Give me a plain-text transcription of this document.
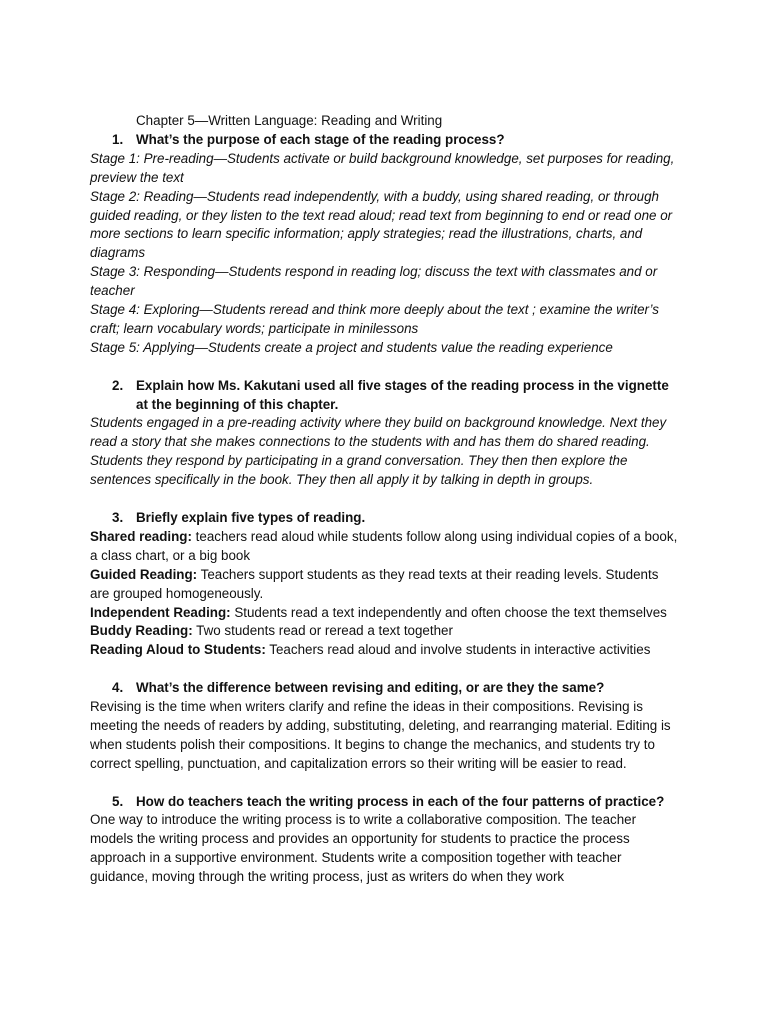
Chapter 5—Written Language: Reading and Writing
1. What’s the purpose of each stage of the reading process?

Stage 1: Pre-reading—Students activate or build background knowledge, set purposes for reading, preview the text

Stage 2: Reading—Students read independently, with a buddy, using shared reading, or through guided reading, or they listen to the text read aloud; read text from beginning to end or read one or more sections to learn specific information; apply strategies; read the illustrations, charts, and diagrams

Stage 3: Responding—Students respond in reading log; discuss the text with classmates and or teacher

Stage 4: Exploring—Students reread and think more deeply about the text ; examine the writer’s craft; learn vocabulary words; participate in minilessons

Stage 5: Applying—Students create a project and students value the reading experience

2. Explain how Ms. Kakutani used all five stages of the reading process in the vignette at the beginning of this chapter.

Students engaged in a pre-reading activity where they build on background knowledge. Next they read a story that she makes connections to the students with and has them do shared reading. Students they respond by participating in a grand conversation. They then then explore the sentences specifically in the book. They then all apply it by talking in depth in groups.

3. Briefly explain five types of reading.

Shared reading: teachers read aloud while students follow along using individual copies of a book, a class chart, or a big book

Guided Reading: Teachers support students as they read texts at their reading levels. Students are grouped homogeneously.

Independent Reading: Students read a text independently and often choose the text themselves

Buddy Reading: Two students read or reread a text together

Reading Aloud to Students: Teachers read aloud and involve students in interactive activities

4. What’s the difference between revising and editing, or are they the same?

Revising is the time when writers clarify and refine the ideas in their compositions. Revising is meeting the needs of readers by adding, substituting, deleting, and rearranging material. Editing is when students polish their compositions. It begins to change the mechanics, and students try to correct spelling, punctuation, and capitalization errors so their writing will be easier to read.

5. How do teachers teach the writing process in each of the four patterns of practice?

One way to introduce the writing process is to write a collaborative composition. The teacher models the writing process and provides an opportunity for students to practice the process approach in a supportive environment. Students write a composition together with teacher guidance, moving through the writing process, just as writers do when they work
